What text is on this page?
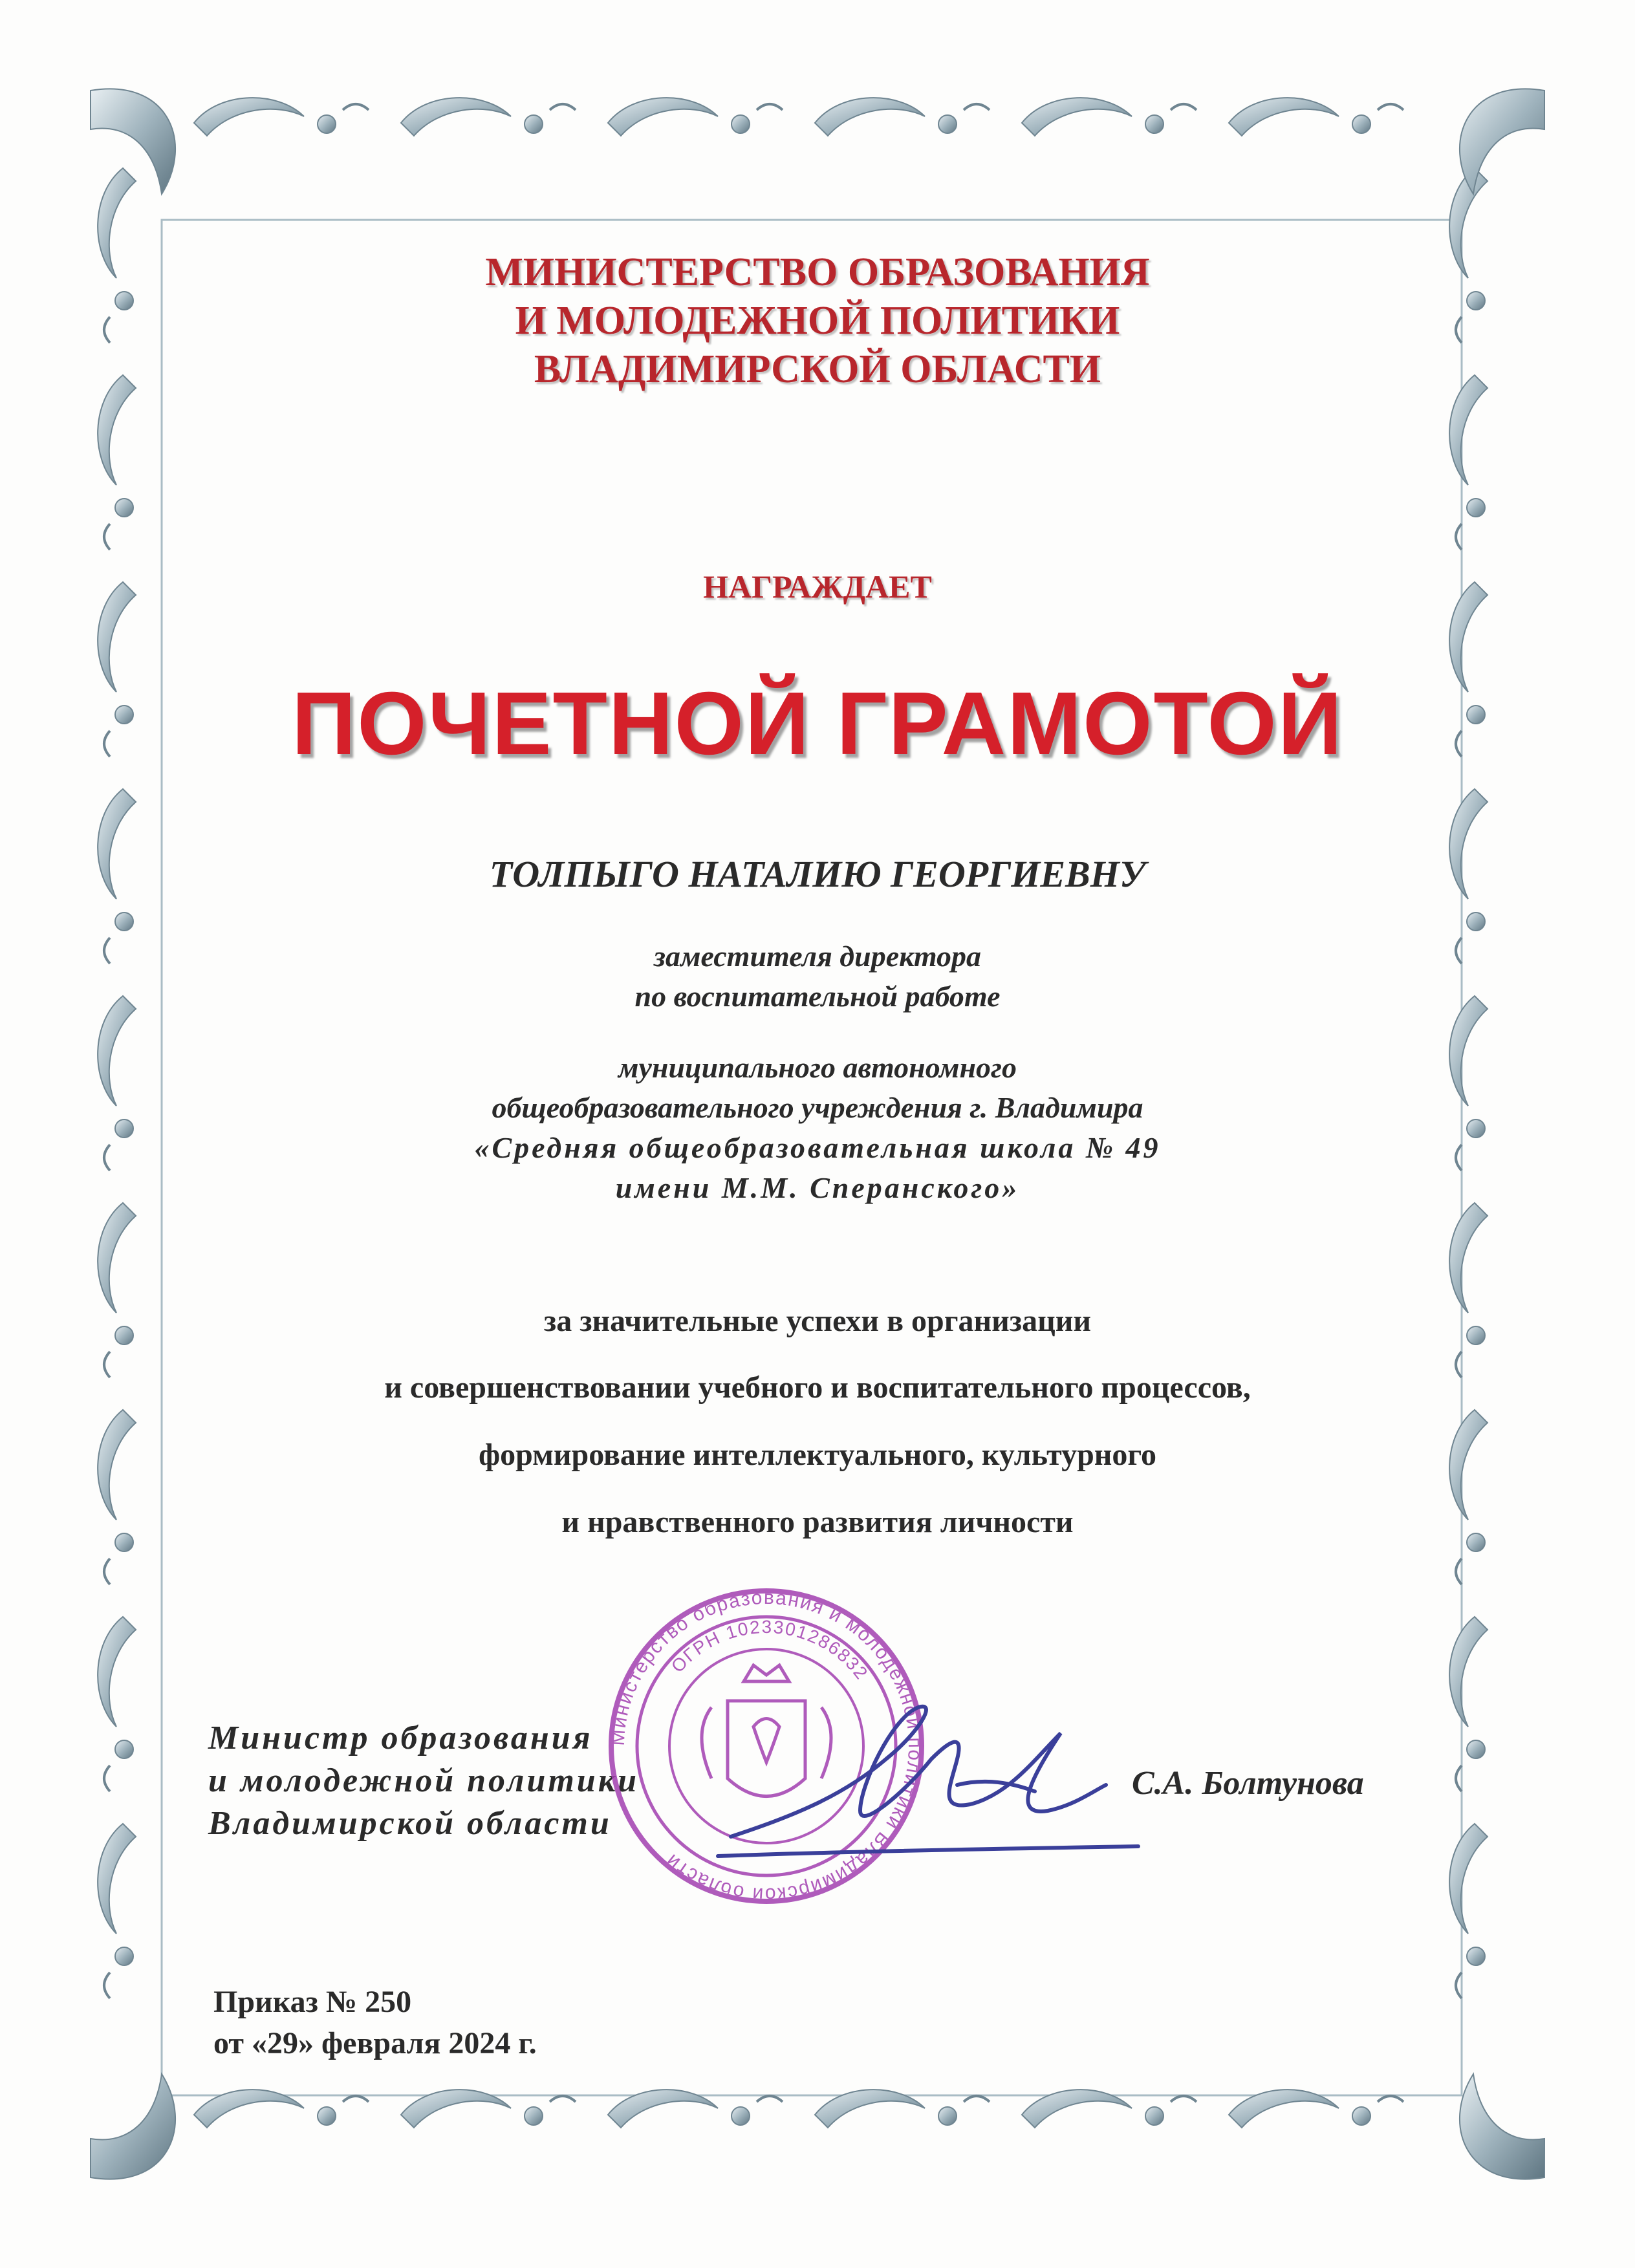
МИНИСТЕРСТВО ОБРАЗОВАНИЯ
И МОЛОДЕЖНОЙ ПОЛИТИКИ
ВЛАДИМИРСКОЙ ОБЛАСТИ
НАГРАЖДАЕТ
ПОЧЕТНОЙ ГРАМОТОЙ
ТОЛПЫГО НАТАЛИЮ ГЕОРГИЕВНУ
заместителя директора
по воспитательной работе
муниципального автономного
общеобразовательного учреждения г. Владимира
«Средняя общеобразовательная школа № 49
имени М.М. Сперанского»
за значительные успехи в организации
и совершенствовании учебного и воспитательного процессов,
формирование интеллектуального, культурного
и нравственного развития личности
Министр образования
и молодежной политики
Владимирской области
С.А. Болтунова
Приказ № 250
от «29» февраля 2024 г.
Министерство образования и молодежной политики Владимирской области
ОГРН 1023301286832
